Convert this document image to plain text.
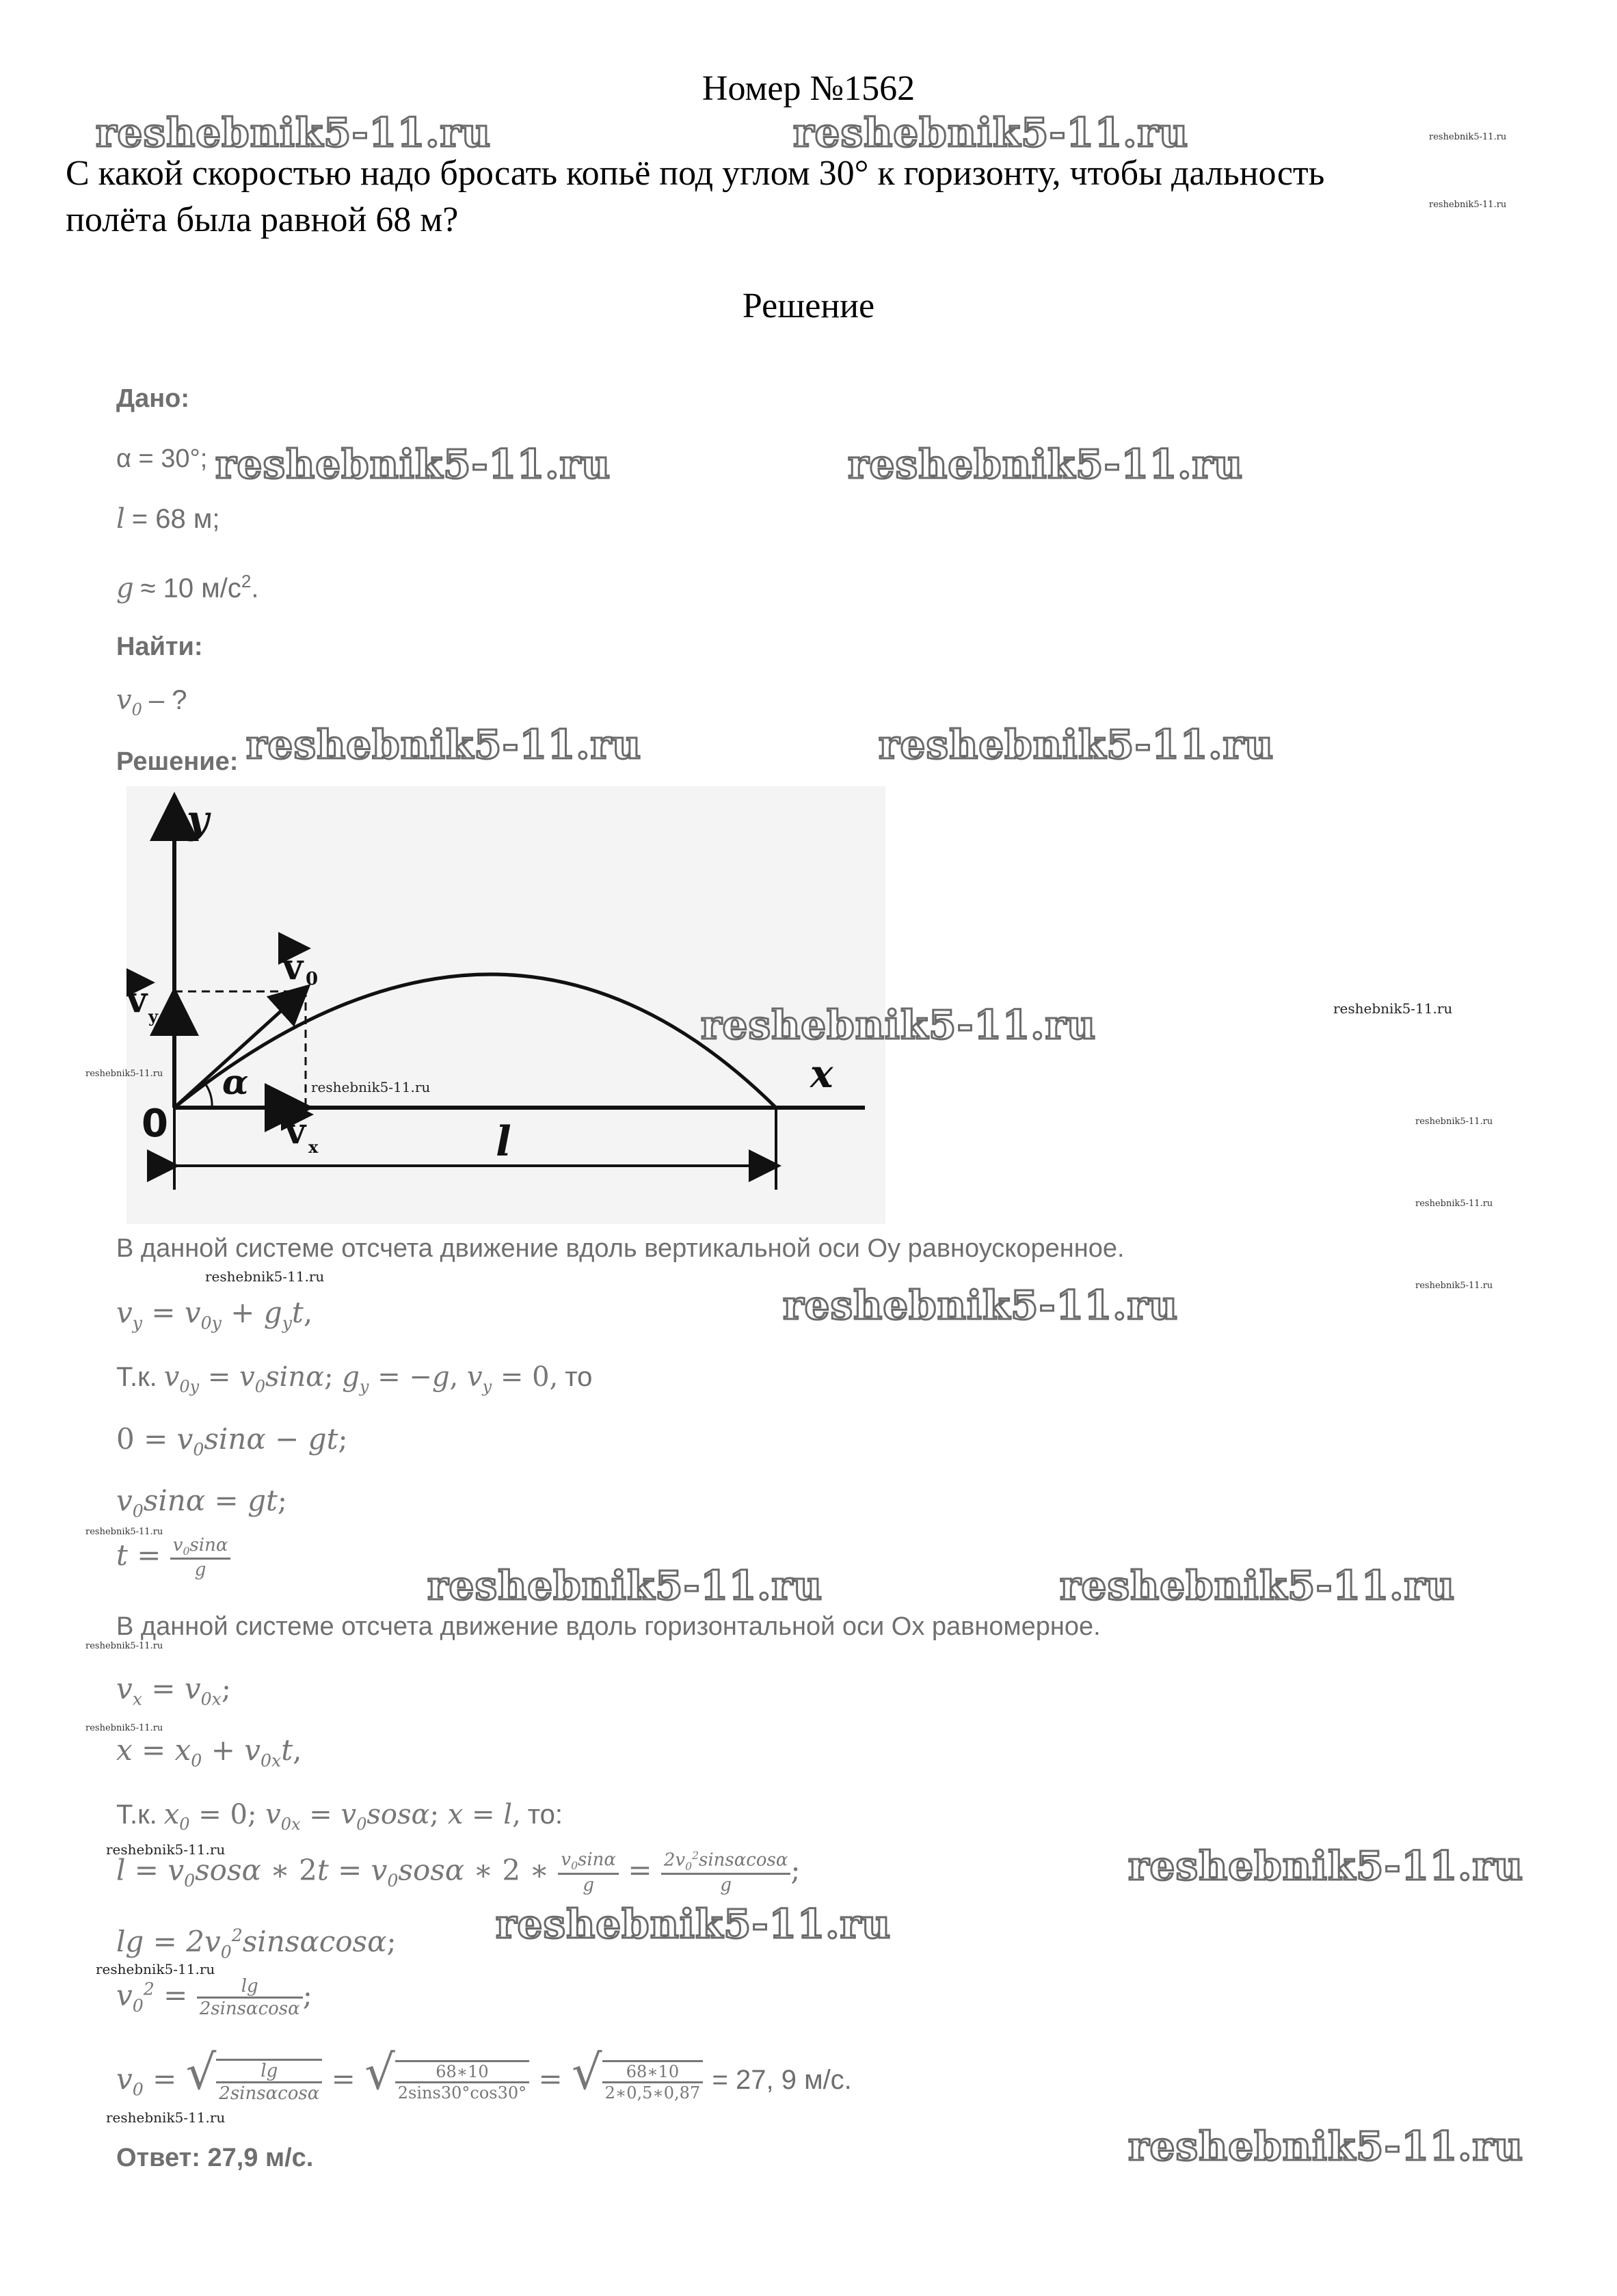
Номер №1562
С какой скоростью надо бросать копьё под углом 30° к горизонту, чтобы дальность
полёта была равной 68 м?
Решение
Дано:
α = 30°;
l = 68 м;
g ≈ 10 $м/с^2$.
Найти:
$v_0$ – ?
Решение:
y
x
0
α
l
v 0
v y
v x
В данной системе отсчета движение вдоль вертикальной оси Оy равноускоренное.
$v_y = v_{0y} + g_yt$,
Т.к. $v_{0y} = v_0\sin\alpha$; $g_y = -g$, $v_y = 0$, то
$0 = v_0\sin\alpha$ − gt;
$v_0\sin\alpha$ = gt;
$t = \frac{v_0\sin\alpha}{g}$
В данной системе отсчета движение вдоль горизонтальной оси Оx равномерное.
$v_x = v_{0x}$;
$x = x_0 + v_{0x}t$,
Т.к. $x_0 = 0$; $v_{0x} = v_0sos\alpha$; x = l, то:
$l = v_0sos\alpha$ ∗ $2t = v_0sos\alpha$ ∗ 2 ∗ $\frac{v_0\sin\alpha}{g} = \frac{2v_0^2\sin s\alpha\cos\alpha}{g}$ ;
$\lg = 2v_0^2\sin s\alpha\cos\alpha$;
$v_0^2 = \frac{\lg}{2\sin s\alpha\cos\alpha}$ ;
$v_0$ = √ $\frac{\lg}{2\sin s\alpha\cos\alpha}$ = √ $\frac{68∗10}{2\sin s30^\circ\cos 30^\circ}$ = √ $\frac{68∗10}{2∗0,5∗0,87} = 27$, 9 м/с.
Ответ: 27,9 м/с.
reshebnik5-11.ru	reshebnik5-11.ru
reshebnik5-11.ru	reshebnik5-11.ru
reshebnik5-11.ru	reshebnik5-11.ru
reshebnik5-11.ru
reshebnik5-11.ru
reshebnik5-11.ru	reshebnik5-11.ru
reshebnik5-11.ru
reshebnik5-11.ru
reshebnik5-11.ru
reshebnik5-11.ru
reshebnik5-11.ru
reshebnik5-11.ru
reshebnik5-11.ru
reshebnik5-11.ru
reshebnik5-11.ru
reshebnik5-11.ru
reshebnik5-11.ru
reshebnik5-11.ru
reshebnik5-11.ru
reshebnik5-11.ru
reshebnik5-11.ru
reshebnik5-11.ru
reshebnik5-11.ru
reshebnik5-11.ru
